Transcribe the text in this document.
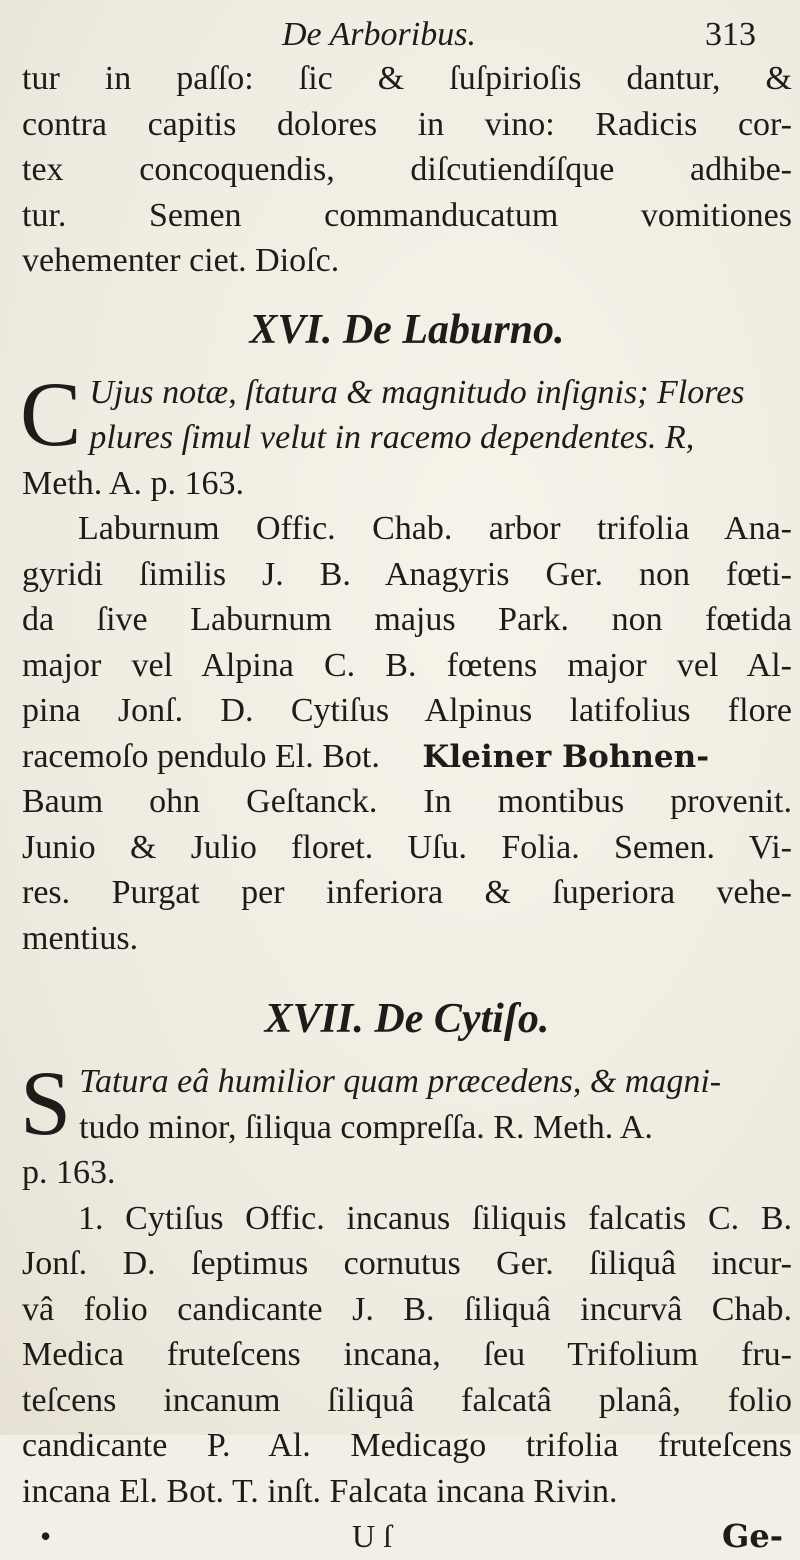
De Arboribus.	313
tur in paſſo: ſic & ſuſpirioſis dantur, &
contra capitis dolores in vino: Radicis cor-
tex concoquendis, diſcutiendíſque adhibe-
tur. Semen commanducatum vomitiones
vehementer ciet. Dioſc.
XVI. De Laburno.
C Ujus notæ, ſtatura & magnitudo inſignis; Flores
plures ſimul velut in racemo dependentes. R,
Meth. A. p. 163.
Laburnum Offic. Chab. arbor trifolia Ana-
gyridi ſimilis J. B. Anagyris Ger. non fœti-
da ſive Laburnum majus Park. non fœtida
major vel Alpina C. B. fœtens major vel Al-
pina Jonſ. D. Cytiſus Alpinus latifolius flore
racemoſo pendulo El. Bot. Kleiner Bohnen-
Baum ohn Geſtanck. In montibus provenit.
Junio & Julio floret. Uſu. Folia. Semen. Vi-
res. Purgat per inferiora & ſuperiora vehe-
mentius.
XVII. De Cytiſo.
S Tatura eâ humilior quam præcedens, & magni-
tudo minor, ſiliqua compreſſa. R. Meth. A.
p. 163.
1. Cytiſus Offic. incanus ſiliquis falcatis C. B.
Jonſ. D. ſeptimus cornutus Ger. ſiliquâ incur-
vâ folio candicante J. B. ſiliquâ incurvâ Chab.
Medica fruteſcens incana, ſeu Trifolium fru-
teſcens incanum ſiliquâ falcatâ planâ, folio
candicante P. Al. Medicago trifolia fruteſcens
incana El. Bot. T. inſt. Falcata incana Rivin.
•	U ſ	Ge-
